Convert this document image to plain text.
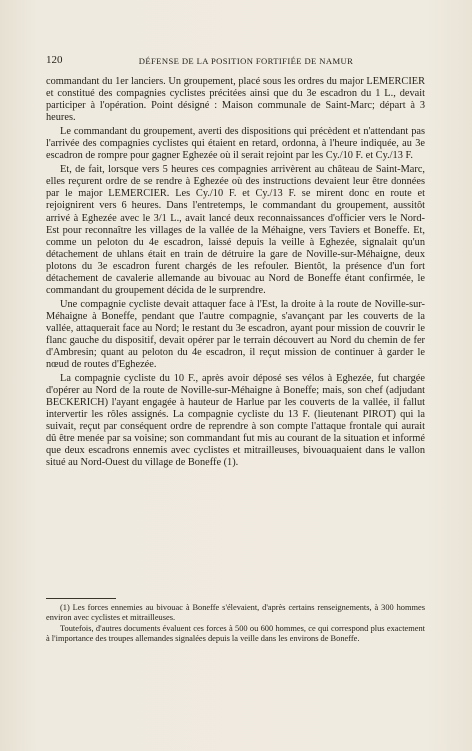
120	DÉFENSE DE LA POSITION FORTIFIÉE DE NAMUR

commandant du 1er lanciers. Un groupement, placé sous les ordres du major LEMERCIER et constitué des compagnies cyclistes précitées ainsi que du 3e escadron du 1 L., devait participer à l'opération. Point désigné : Maison communale de Saint-Marc; départ à 3 heures.

Le commandant du groupement, averti des dispositions qui précèdent et n'attendant pas l'arrivée des compagnies cyclistes qui étaient en retard, ordonna, à l'heure indiquée, au 3e escadron de rompre pour gagner Eghezée où il serait rejoint par les Cy./10 F. et Cy./13 F.

Et, de fait, lorsque vers 5 heures ces compagnies arrivèrent au château de Saint-Marc, elles reçurent ordre de se rendre à Eghezée où des instructions devaient leur être données par le major LEMERCIER. Les Cy./10 F. et Cy./13 F. se mirent donc en route et rejoignirent vers 6 heures. Dans l'entretemps, le commandant du groupement, aussitôt arrivé à Eghezée avec le 3/1 L., avait lancé deux reconnaissances d'officier vers le Nord-Est pour reconnaître les villages de la vallée de la Méhaigne, vers Taviers et Boneffe. Et, comme un peloton du 4e escadron, laissé depuis la veille à Eghezée, signalait qu'un détachement de uhlans était en train de détruire la gare de Noville-sur-Méhaigne, deux plotons du 3e escadron furent chargés de les refouler. Bientôt, la présence d'un fort détachement de cavalerie allemande au bivouac au Nord de Boneffe étant confirmée, le commandant du groupement décida de le surprendre.

Une compagnie cycliste devait attaquer face à l'Est, la droite à la route de Noville-sur-Méhaigne à Boneffe, pendant que l'autre compagnie, s'avançant par les couverts de la vallée, attaquerait face au Nord; le restant du 3e escadron, ayant pour mission de couvrir le flanc gauche du dispositif, devait opérer par le terrain découvert au Nord du chemin de fer d'Ambresin; quant au peloton du 4e escadron, il reçut mission de continuer à garder le nœud de routes d'Eghezée.

La compagnie cycliste du 10 F., après avoir déposé ses vélos à Eghezée, fut chargée d'opérer au Nord de la route de Noville-sur-Méhaigne à Boneffe; mais, son chef (adjudant BECKERICH) l'ayant engagée à hauteur de Harlue par les couverts de la vallée, il fallut intervertir les rôles assignés. La compagnie cycliste du 13 F. (lieutenant PIROT) qui la suivait, reçut par conséquent ordre de reprendre à son compte l'attaque frontale qui aurait dû être menée par sa voisine; son commandant fut mis au courant de la situation et informé que deux escadrons ennemis avec cyclistes et mitrailleuses, bivouaquaient dans le vallon situé au Nord-Ouest du village de Boneffe (1).

(1) Les forces ennemies au bivouac à Boneffe s'élevaient, d'après certains renseignements, à 300 hommes environ avec cyclistes et mitrailleuses.

Toutefois, d'autres documents évaluent ces forces à 500 ou 600 hommes, ce qui correspond plus exactement à l'importance des troupes allemandes signalées depuis la veille dans les environs de Boneffe.
